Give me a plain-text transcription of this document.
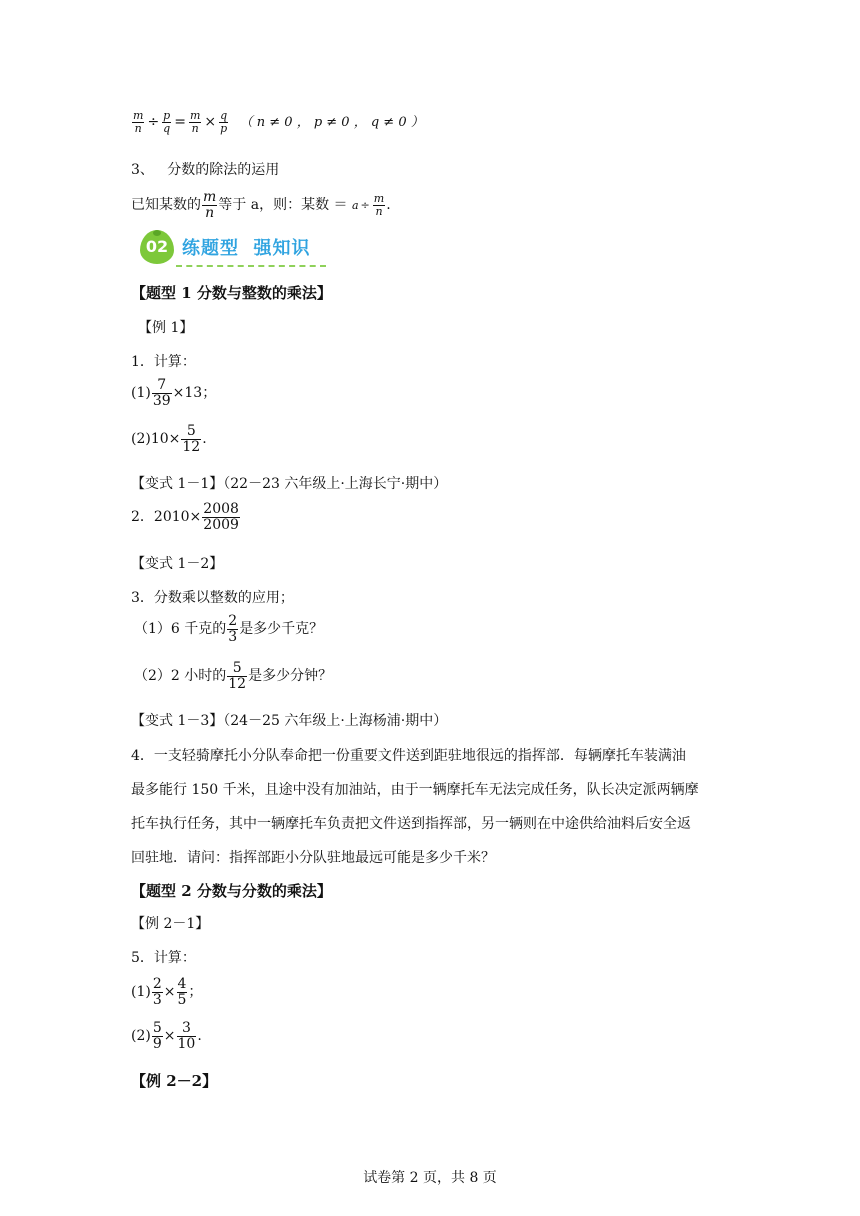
$\frac{m}{n} \div \frac{p}{q} = \frac{m}{n} \times \frac{q}{p}$ （ n ≠ 0 ， p ≠ 0 ， q ≠ 0 ）
3、   分数的除法的运用
已知某数的 $\frac{m}{n}$ 等于 a，则：某数 ＝ $a \div \frac{m}{n}$ .
02 练题型  强知识
【题型 1 分数与整数的乘法】
【例 1】
1．计算：
$(1) \frac{7}{39} \times 13$；
$(2)10\times \frac{5}{12}$ .
【变式 1－1】（22－23 六年级上·上海长宁·期中）
2．$2010\times \frac{2008}{2009}$
【变式 1－2】
3．分数乘以整数的应用；
（1）6 千克的 $\frac{2}{3}$ 是多少千克？
（2）2 小时的 $\frac{5}{12}$ 是多少分钟？
【变式 1－3】（24－25 六年级上·上海杨浦·期中）
4．一支轻骑摩托小分队奉命把一份重要文件送到距驻地很远的指挥部．每辆摩托车装满油
最多能行 150 千米，且途中没有加油站，由于一辆摩托车无法完成任务，队长决定派两辆摩
托车执行任务，其中一辆摩托车负责把文件送到指挥部，另一辆则在中途供给油料后安全返
回驻地．请问：指挥部距小分队驻地最远可能是多少千米？
【题型 2 分数与分数的乘法】
【例 2－1】
5．计算：
$(1) \frac{2}{3} \times \frac{4}{5}$ ；
$(2) \frac{5}{9} \times \frac{3}{10}$ .
【例 2－2】
试卷第 2 页，共 8 页
